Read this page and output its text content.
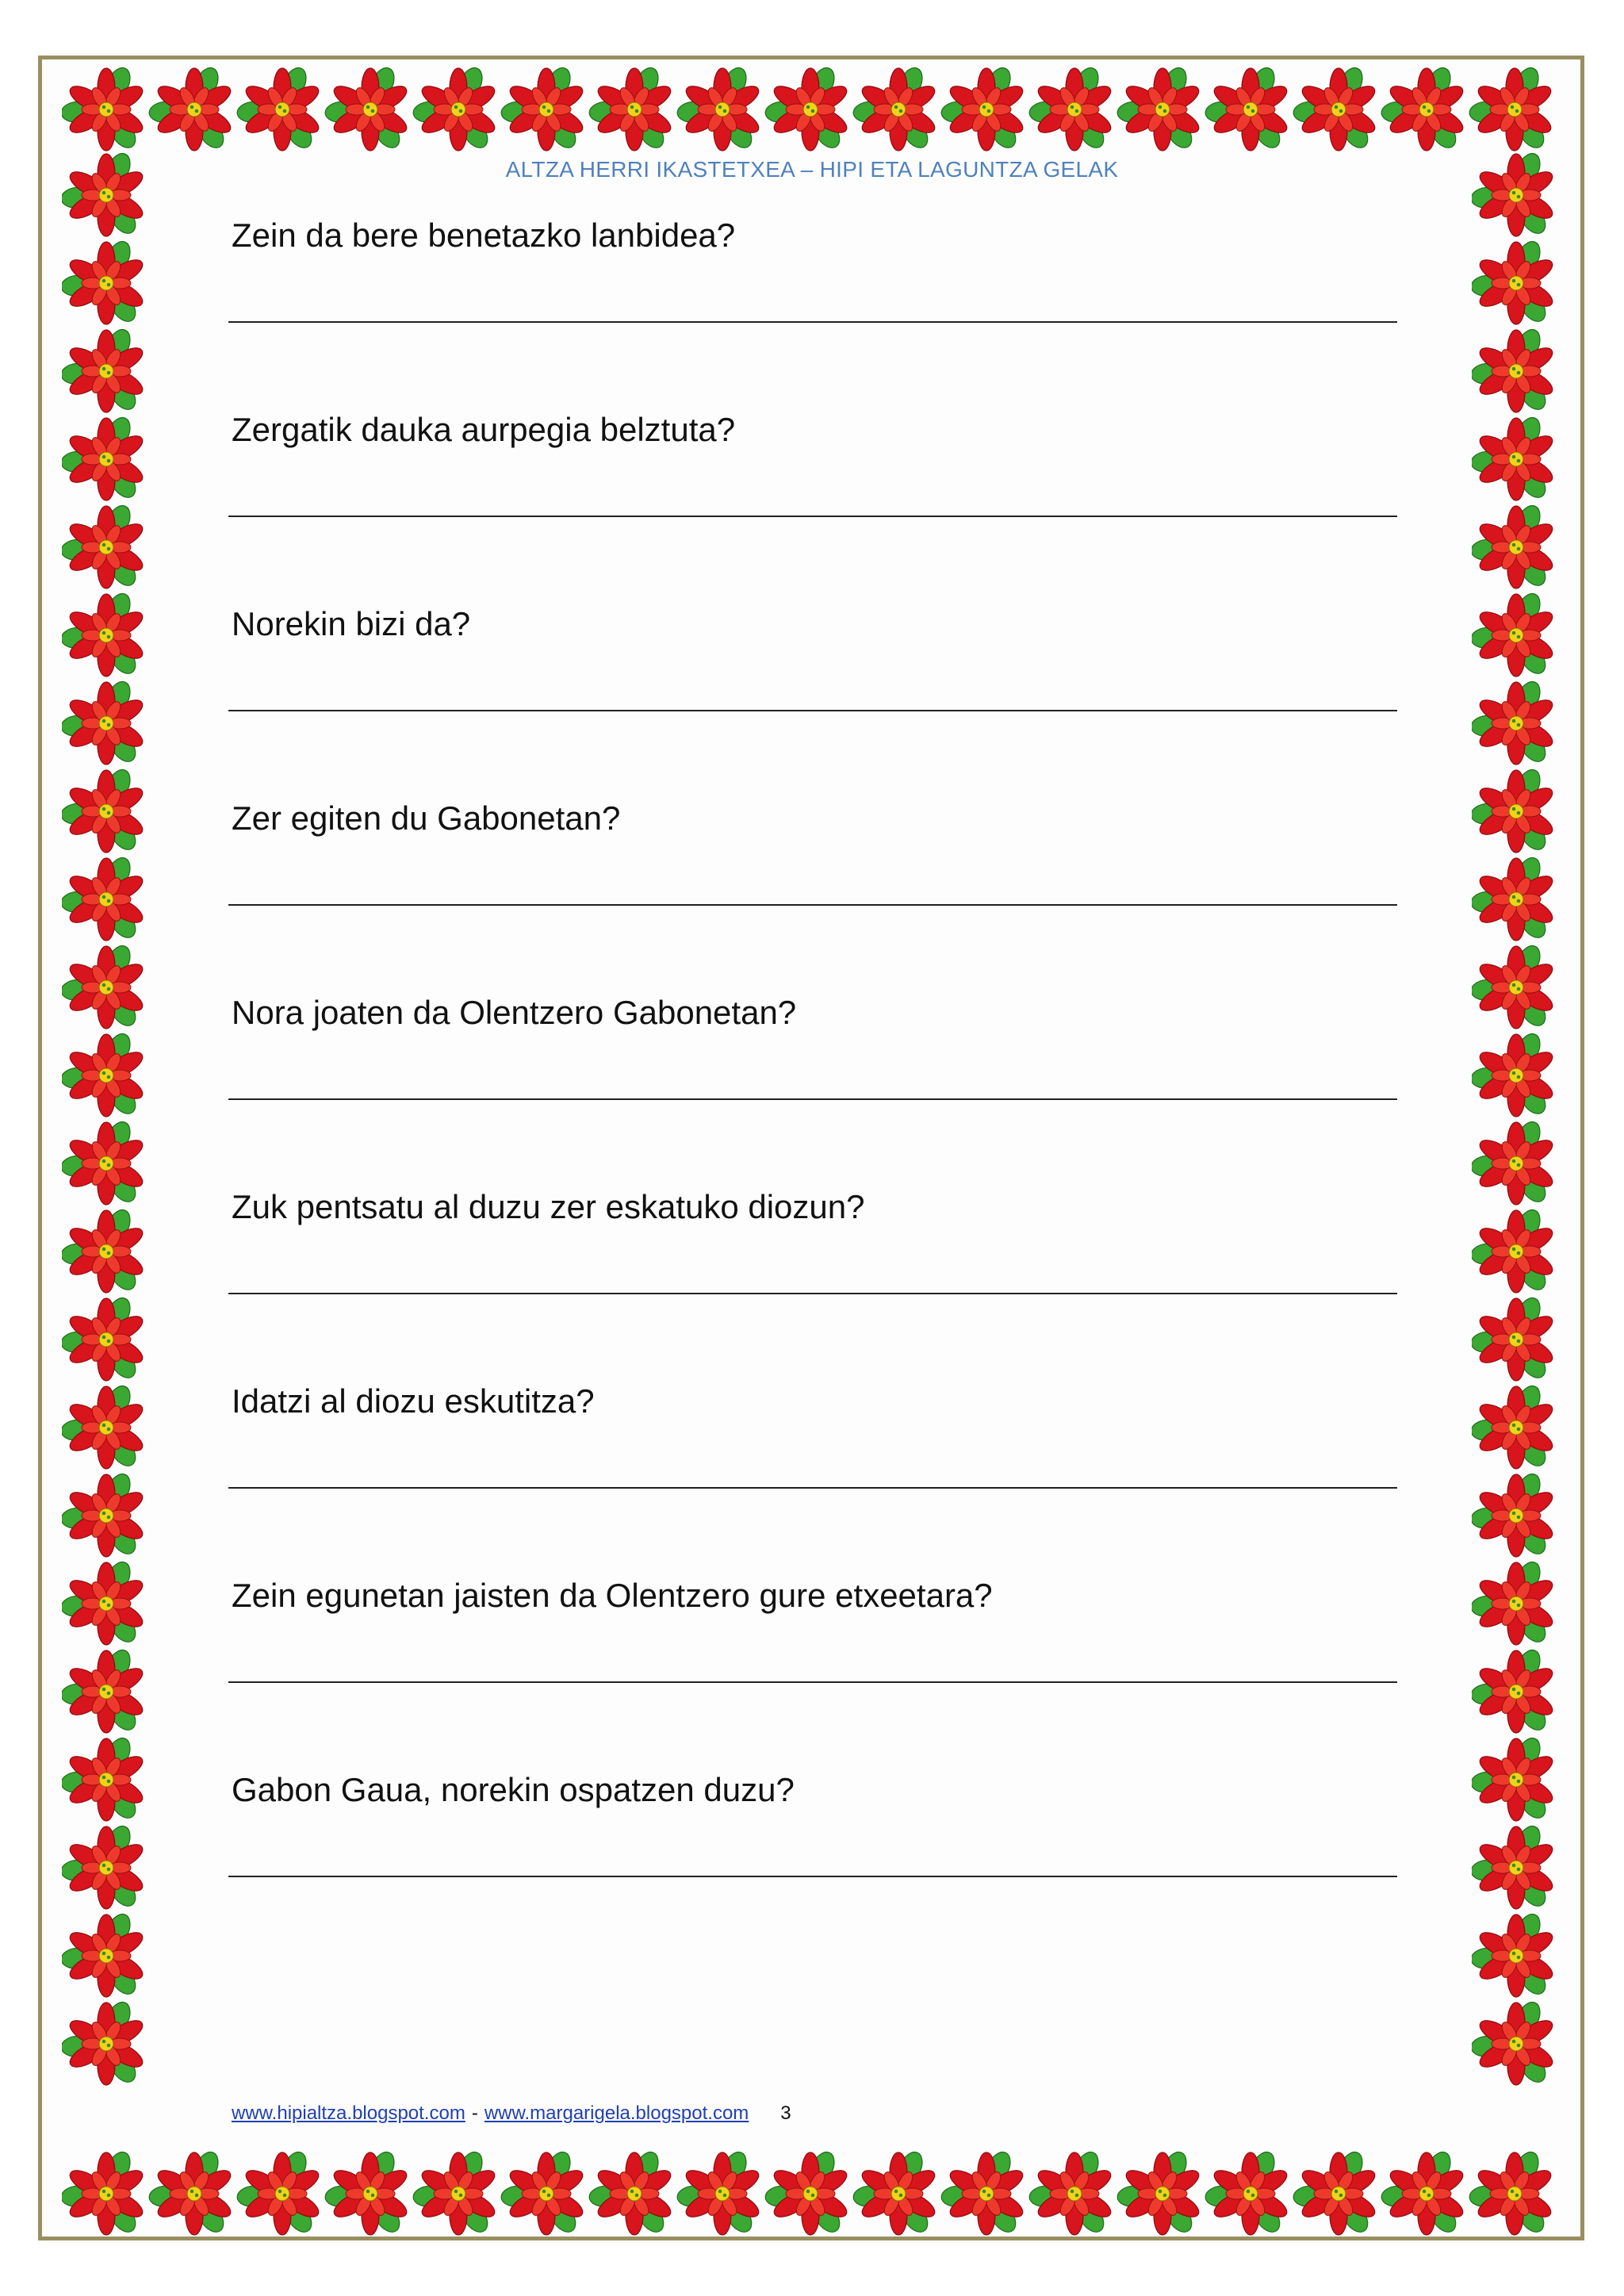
ALTZA HERRI IKASTETXEA – HIPI ETA LAGUNTZA GELAK
Zein da bere benetazko lanbidea?
Zergatik dauka aurpegia belztuta?
Norekin bizi da?
Zer egiten du Gabonetan?
Nora joaten da Olentzero Gabonetan?
Zuk pentsatu al duzu zer eskatuko diozun?
Idatzi al diozu eskutitza?
Zein egunetan jaisten da Olentzero gure etxeetara?
Gabon Gaua, norekin ospatzen duzu?
www.hipialtza.blogspot.com - www.margarigela.blogspot.com 3
